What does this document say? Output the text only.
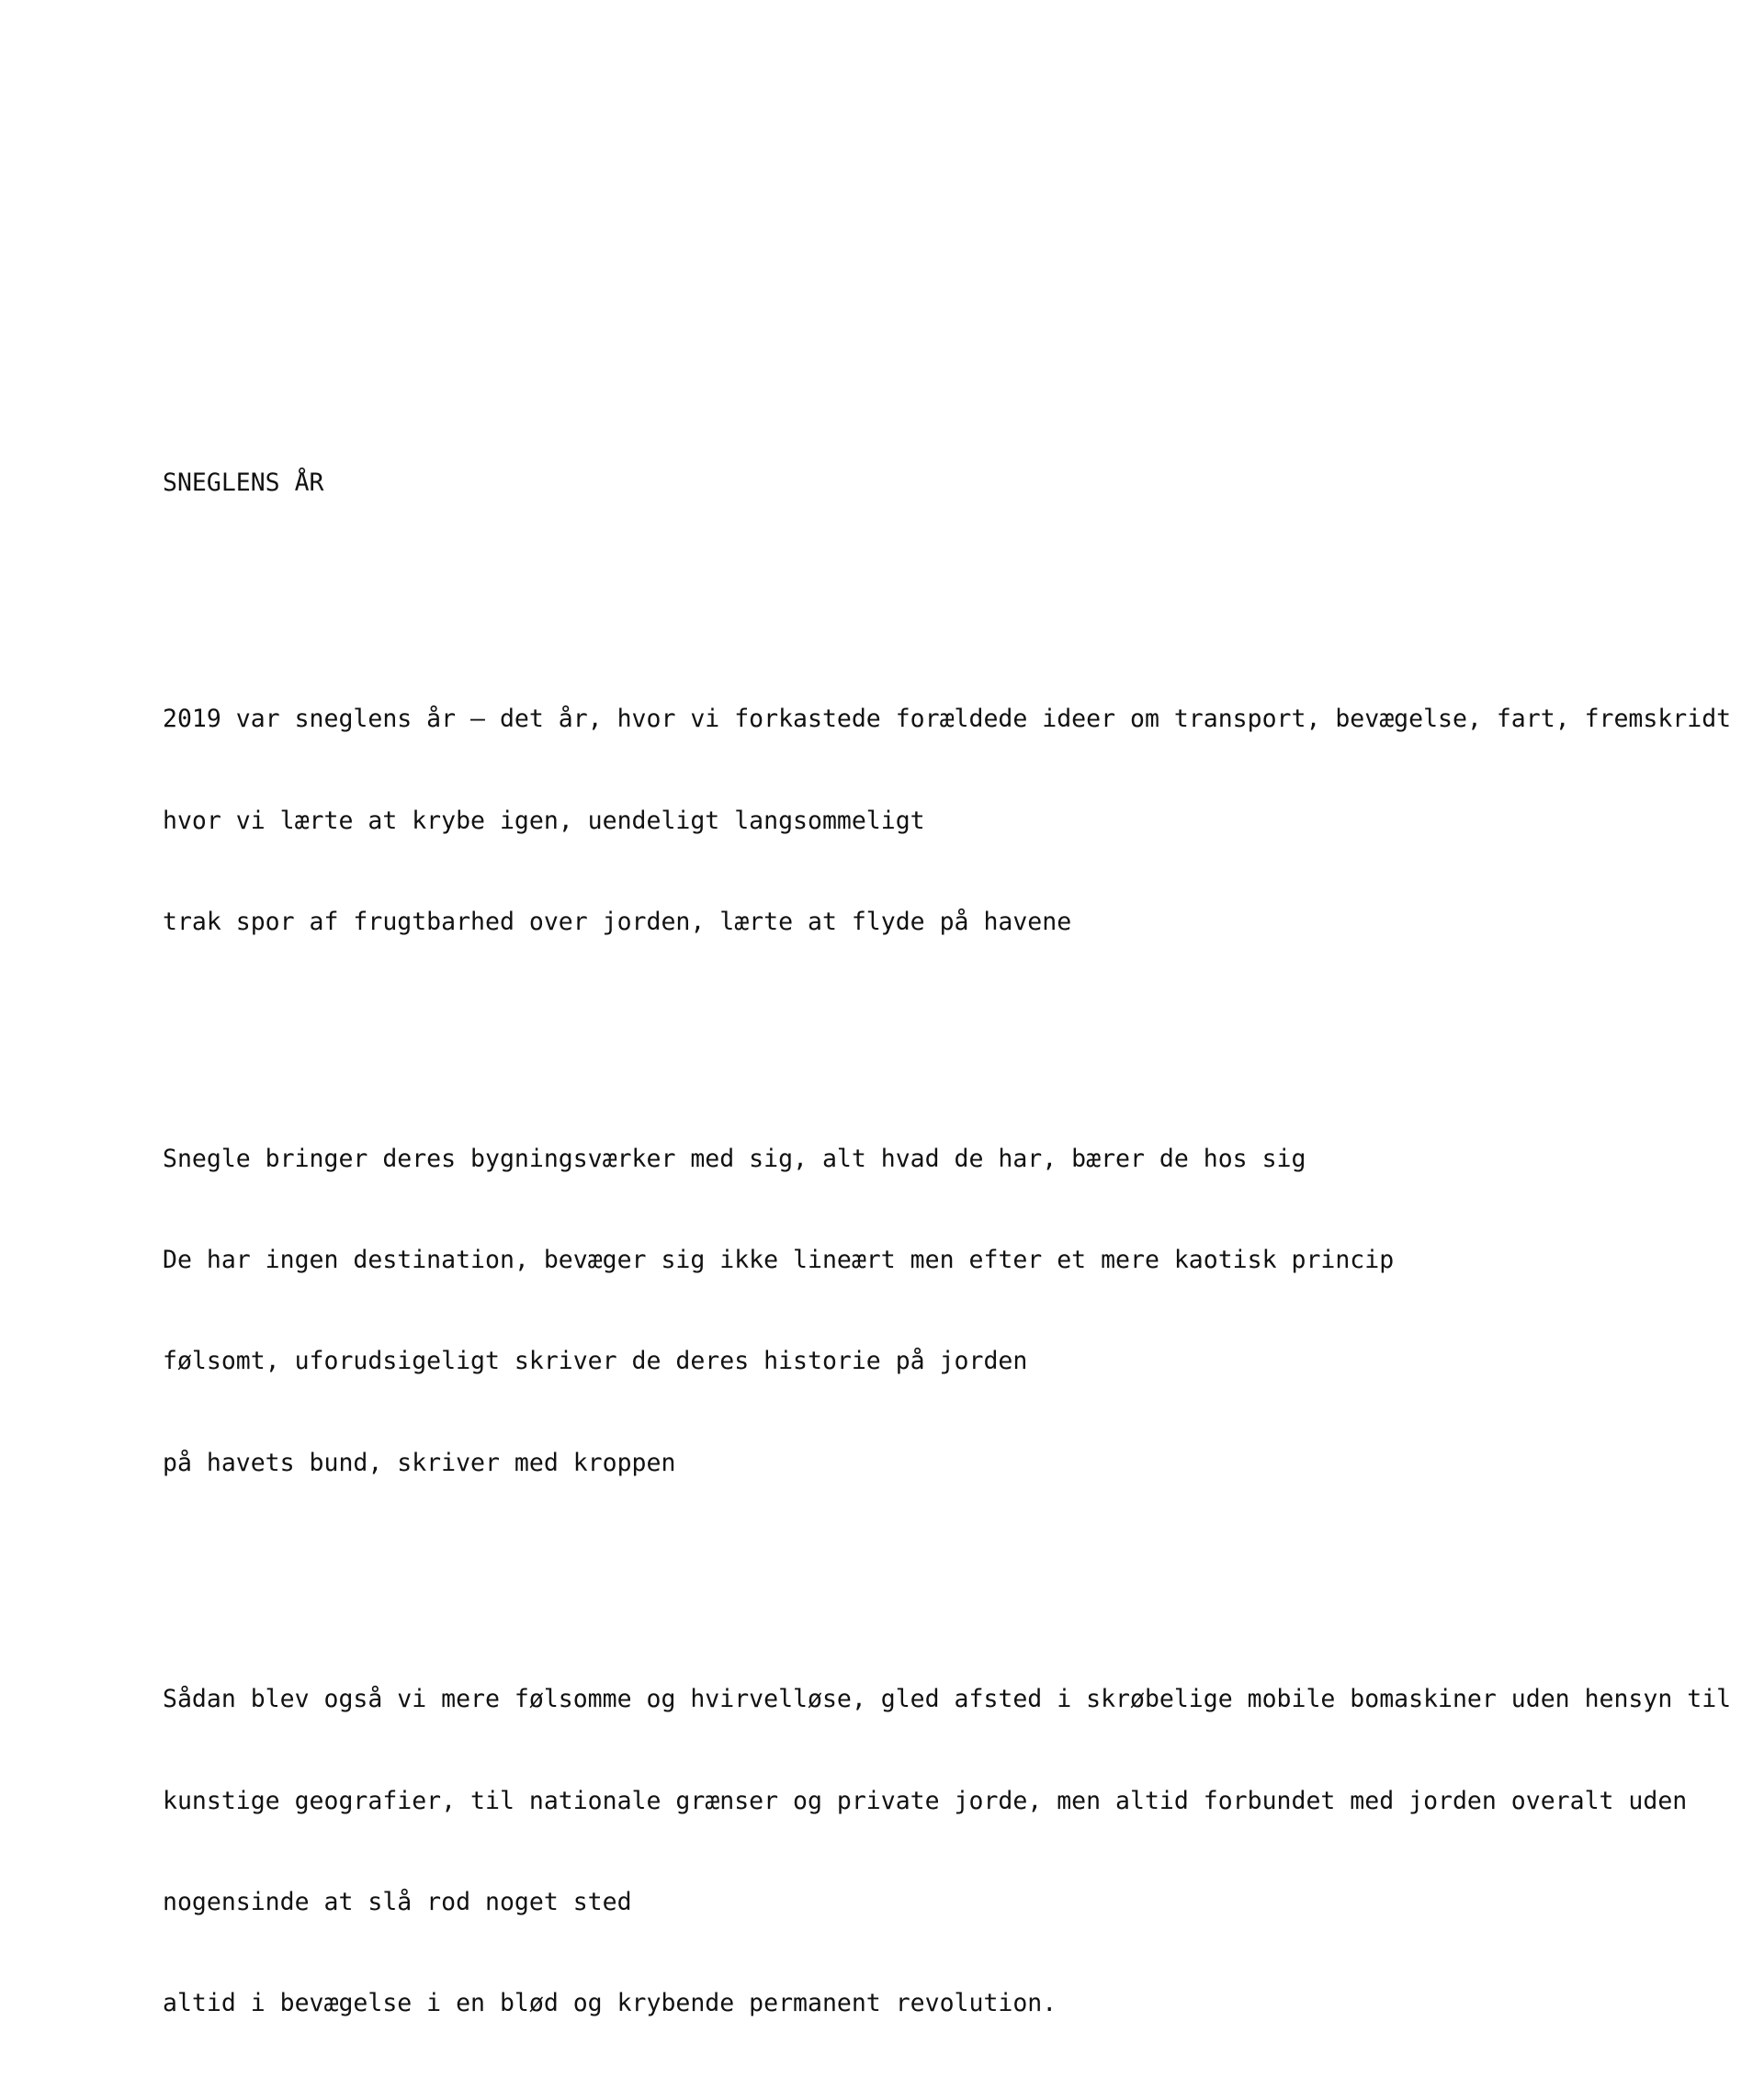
SNEGLENS ÅR

2019 var sneglens år – det år, hvor vi forkastede forældede ideer om transport, bevægelse, fart, fremskridt

hvor vi lærte at krybe igen, uendeligt langsommeligt

trak spor af frugtbarhed over jorden, lærte at flyde på havene

Snegle bringer deres bygningsværker med sig, alt hvad de har, bærer de hos sig

De har ingen destination, bevæger sig ikke lineært men efter et mere kaotisk princip

følsomt, uforudsigeligt skriver de deres historie på jorden

på havets bund, skriver med kroppen

Sådan blev også vi mere følsomme og hvirvelløse, gled afsted i skrøbelige mobile bomaskiner uden hensyn til

kunstige geografier, til nationale grænser og private jorde, men altid forbundet med jorden overalt uden

nogensinde at slå rod noget sted

altid i bevægelse i en blød og krybende permanent revolution.
